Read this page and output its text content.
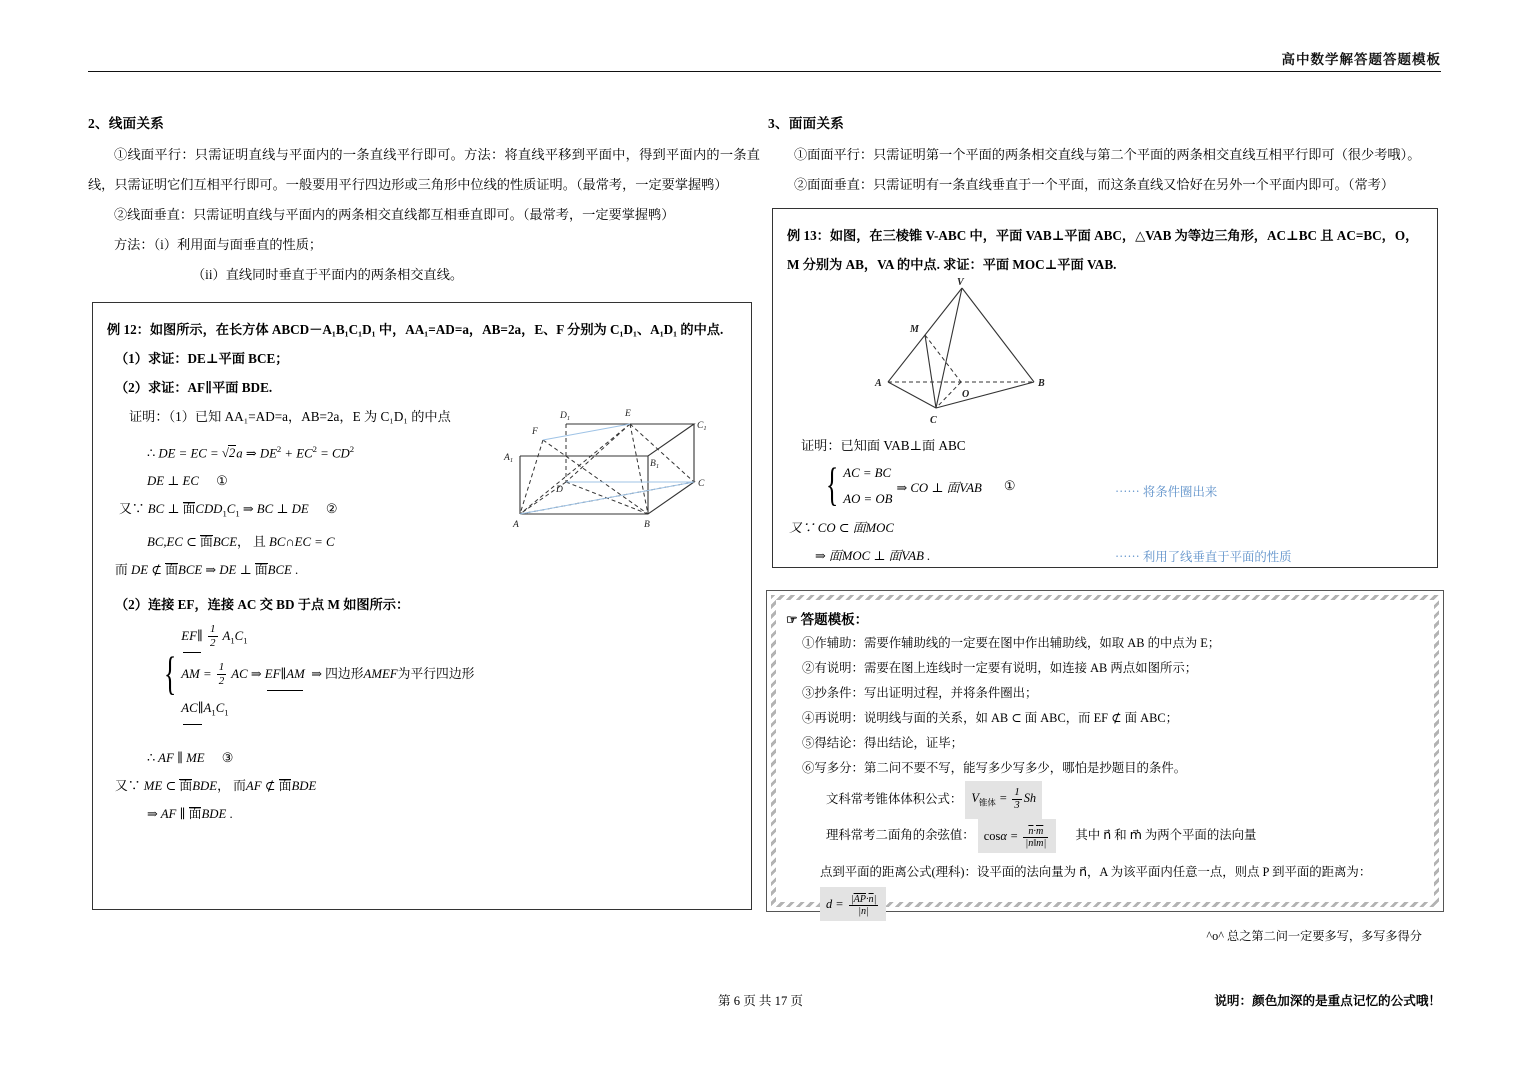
高中数学解答题答题模板
2、线面关系

①线面平行：只需证明直线与平面内的一条直线平行即可。方法：将直线平移到平面中，得到平面内的一条直线，只需证明它们互相平行即可。一般要用平行四边形或三角形中位线的性质证明。（最常考，一定要掌握鸭）

②线面垂直：只需证明直线与平面内的两条相交直线都互相垂直即可。（最常考，一定要掌握鸭）

方法：（i）利用面与面垂直的性质；

（ii）直线同时垂直于平面内的两条相交直线。

3、面面关系

①面面平行：只需证明第一个平面的两条相交直线与第二个平面的两条相交直线互相平行即可（很少考哦）。

②面面垂直：只需证明有一条直线垂直于一个平面，而这条直线又恰好在另外一个平面内即可。（常考）

例 12：如图所示，在长方体 ABCD－A₁B₁C₁D₁ 中，AA₁=AD=a，AB=2a，E、F 分别为 C₁D₁、A₁D₁ 的中点.

（1）求证：DE⊥平面 BCE；

（2）求证：AF∥平面 BDE.

证明：（1）已知 AA₁=AD=a，AB=2a，E 为 C₁D₁ 的中点

∴ DE = EC = √2a ⇒ $DE^2 + EC^2 = CD^2$

DE ⊥ EC ①

又∵ BC ⊥ 面$CDD_1C_1$ ⇒ BC ⊥ DE ②

BC,EC ⊂ 面BCE， 且 BC∩EC = C

而 DE ⊄ 面BCE ⇒ DE ⊥ 面BCE .

（2）连接 EF，连接 AC 交 BD 于点 M 如图所示：

{
EF∥ $\frac{1}{2} A_1C_1$
AM = $\frac{1}{2}$ AC ⇒ EF∥AM  ⇒ 四边形AMEF为平行四边形
$AC\parallel A_1C_1$

∴ AF ∥ ME ③

又∵ ME ⊂ 面BDE， 而AF ⊄ 面BDE

⇒ AF ∥ 面BDE .

A	B
C
D
$A_1$	$B_1$
$C_1$
$D_1$	E
F

例 13：如图，在三棱锥 V-ABC 中，平面 VAB⊥平面 ABC，△VAB 为等边三角形，AC⊥BC 且 AC=BC，O，M 分别为 AB，VA 的中点. 求证：平面 MOC⊥平面 VAB.

证明：已知面 VAB⊥面 ABC

{ AC = BC
AO = OB
⇒ CO ⊥ 面VAB ①	⋯⋯ 将条件圈出来

又∵ CO ⊂ 面MOC

⇒ 面MOC ⊥ 面VAB .	⋯⋯ 利用了线垂直于平面的性质
V
M
A	B
O
C

☞ 答题模板：

①作辅助：需要作辅助线的一定要在图中作出辅助线，如取 AB 的中点为 E；

②有说明：需要在图上连线时一定要有说明，如连接 AB 两点如图所示；

③抄条件：写出证明过程，并将条件圈出；

④再说明：说明线与面的关系，如 AB ⊂ 面 ABC，而 EF ⊄ 面 ABC；

⑤得结论：得出结论，证毕；

⑥写多分：第二问不要不写，能写多少写多少，哪怕是抄题目的条件。

文科常考锥体体积公式： $V_{锥体} = \frac{1}{3}$ Sh

理科常考二面角的余弦值： $\cos\alpha = \frac{\overline{n}\cdot\overline{m}}{|\overline{n}‖\overline{m}|}$ 其中 n⃗ 和 m⃗ 为两个平面的法向量

点到平面的距离公式(理科)：设平面的法向量为 n⃗，A 为该平面内任意一点，则点 P 到平面的距离为： $d = \frac{|\overline{AP}\cdot\overline{n}|}{|\overline{n}|}$

^o^ 总之第二问一定要多写，多写多得分

第 6 页 共 17 页	说明：颜色加深的是重点记忆的公式哦！
